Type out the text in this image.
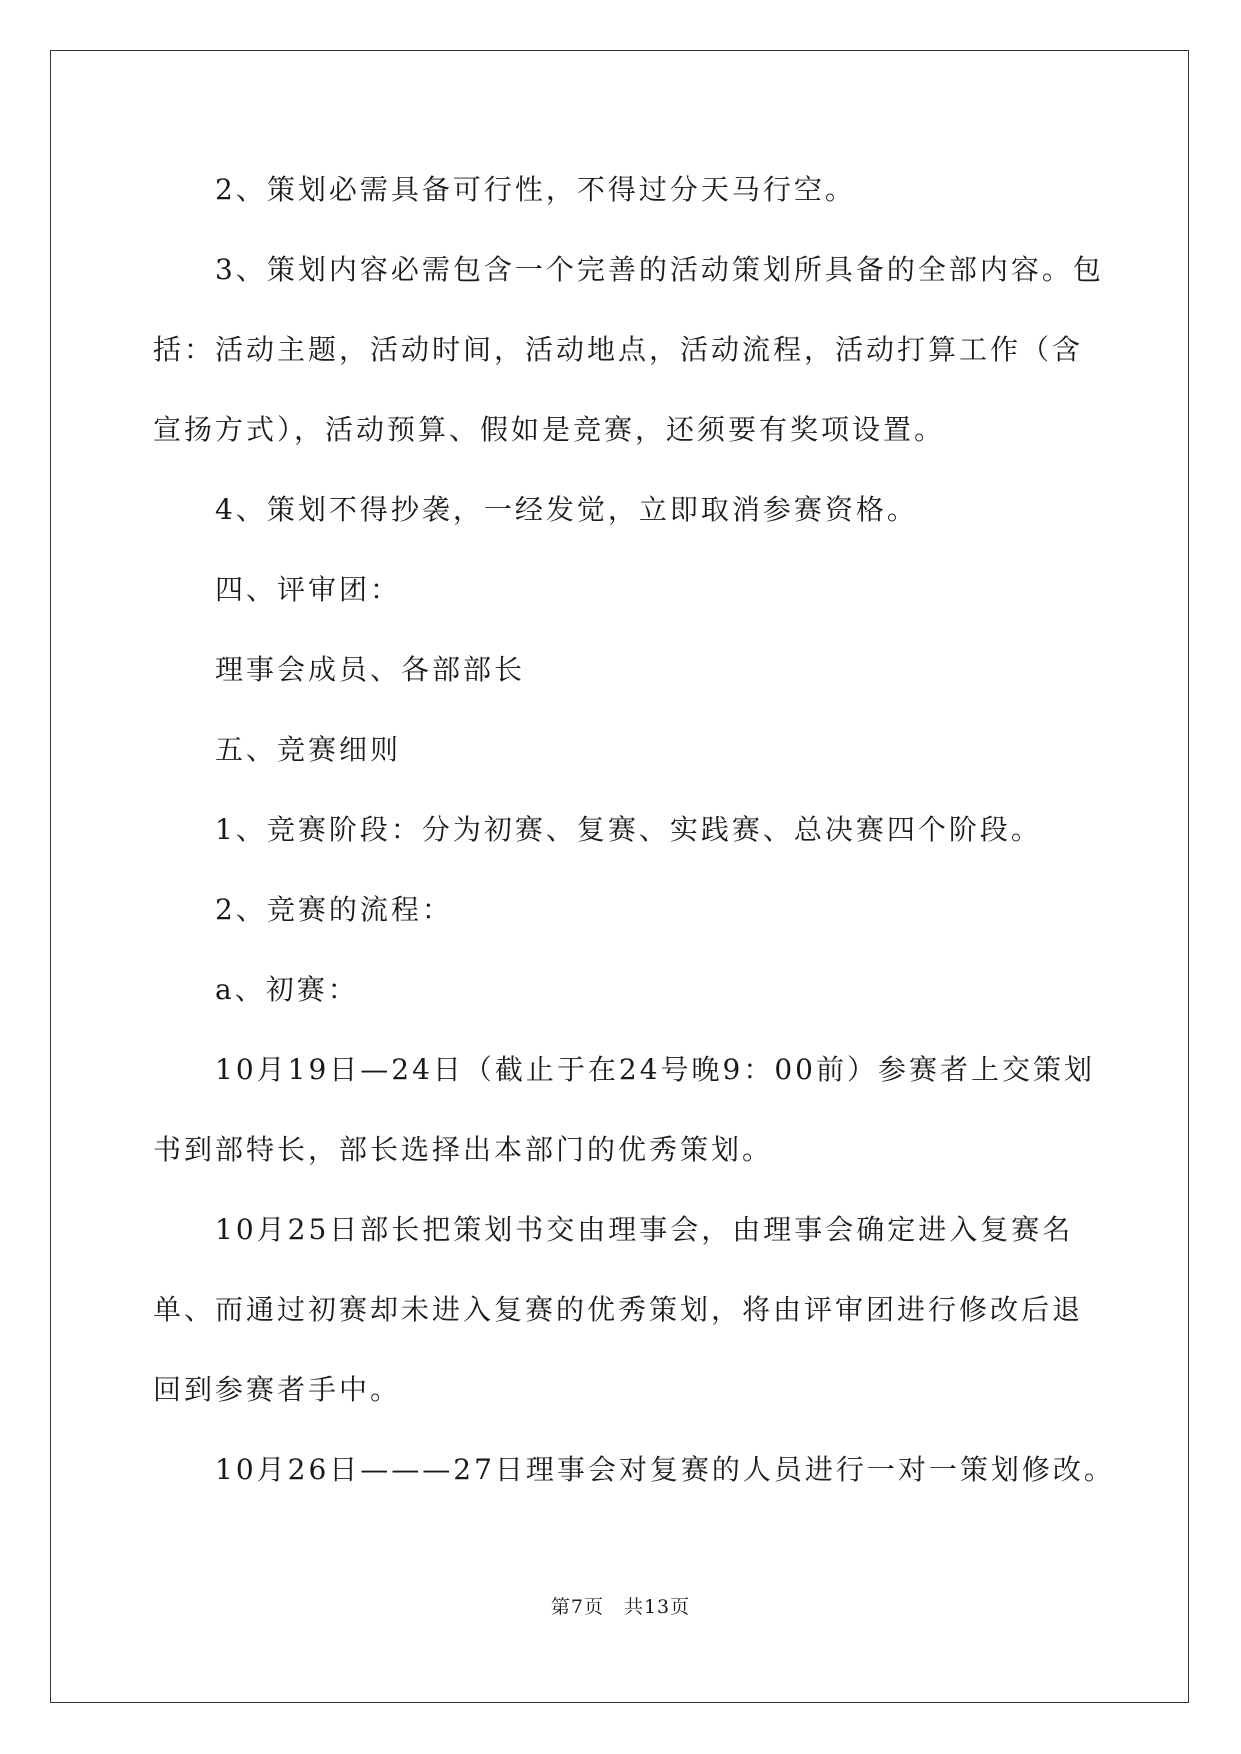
2、策划必需具备可行性，不得过分天马行空。
3、策划内容必需包含一个完善的活动策划所具备的全部内容。包
括：活动主题，活动时间，活动地点，活动流程，活动打算工作（含
宣扬方式），活动预算、假如是竞赛，还须要有奖项设置。
4、策划不得抄袭，一经发觉，立即取消参赛资格。
四、评审团：
理事会成员、各部部长
五、竞赛细则
1、竞赛阶段：分为初赛、复赛、实践赛、总决赛四个阶段。
2、竞赛的流程：
a、初赛：
10月19日—24日（截止于在24号晚9：00前）参赛者上交策划
书到部特长，部长选择出本部门的优秀策划。
10月25日部长把策划书交由理事会，由理事会确定进入复赛名
单、而通过初赛却未进入复赛的优秀策划，将由评审团进行修改后退
回到参赛者手中。
10月26日———27日理事会对复赛的人员进行一对一策划修改。
第7页　共13页
